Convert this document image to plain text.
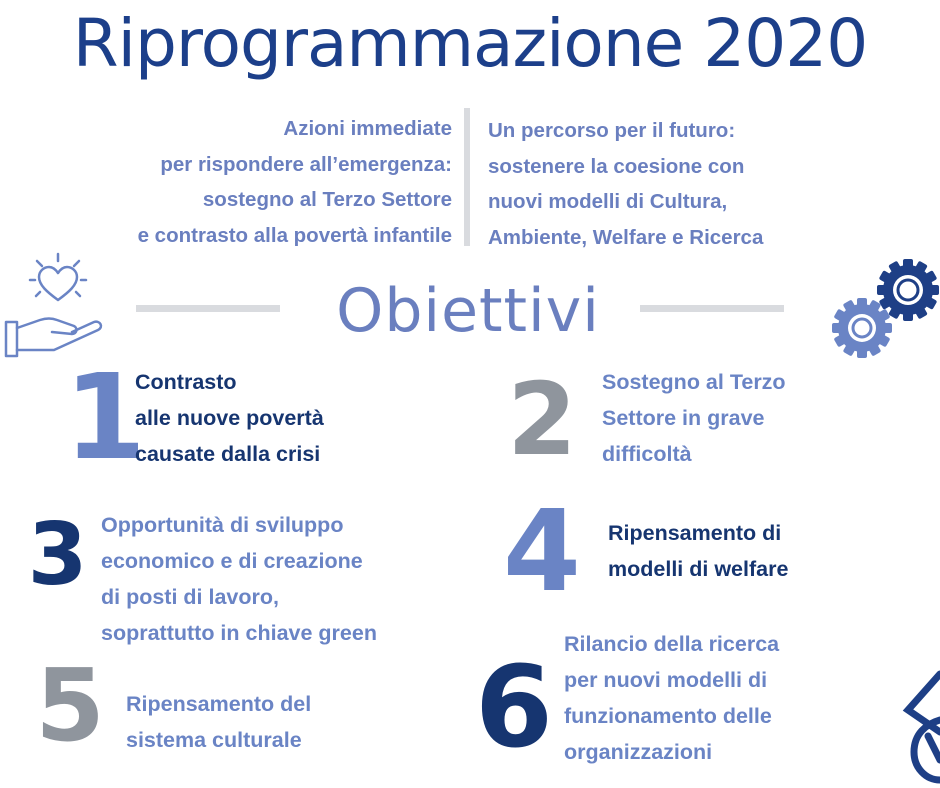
Riprogrammazione 2020
Azioni immediate
per rispondere all’emergenza:
sostegno al Terzo Settore
e contrasto alla povertà infantile
Un percorso per il futuro:
sostenere la coesione con
nuovi modelli di Cultura,
Ambiente, Welfare e Ricerca
Obiettivi
1
Contrasto
alle nuove povertà
causate dalla crisi 2 Sostegno al Terzo
Settore in grave
difficoltà
3 Opportunità di sviluppo
economico e di creazione
di posti di lavoro,
soprattutto in chiave green
4	Ripensamento di
modelli di welfare
5 Ripensamento del
sistema culturale 6 Rilancio della ricerca
per nuovi modelli di
funzionamento delle
organizzazioni
